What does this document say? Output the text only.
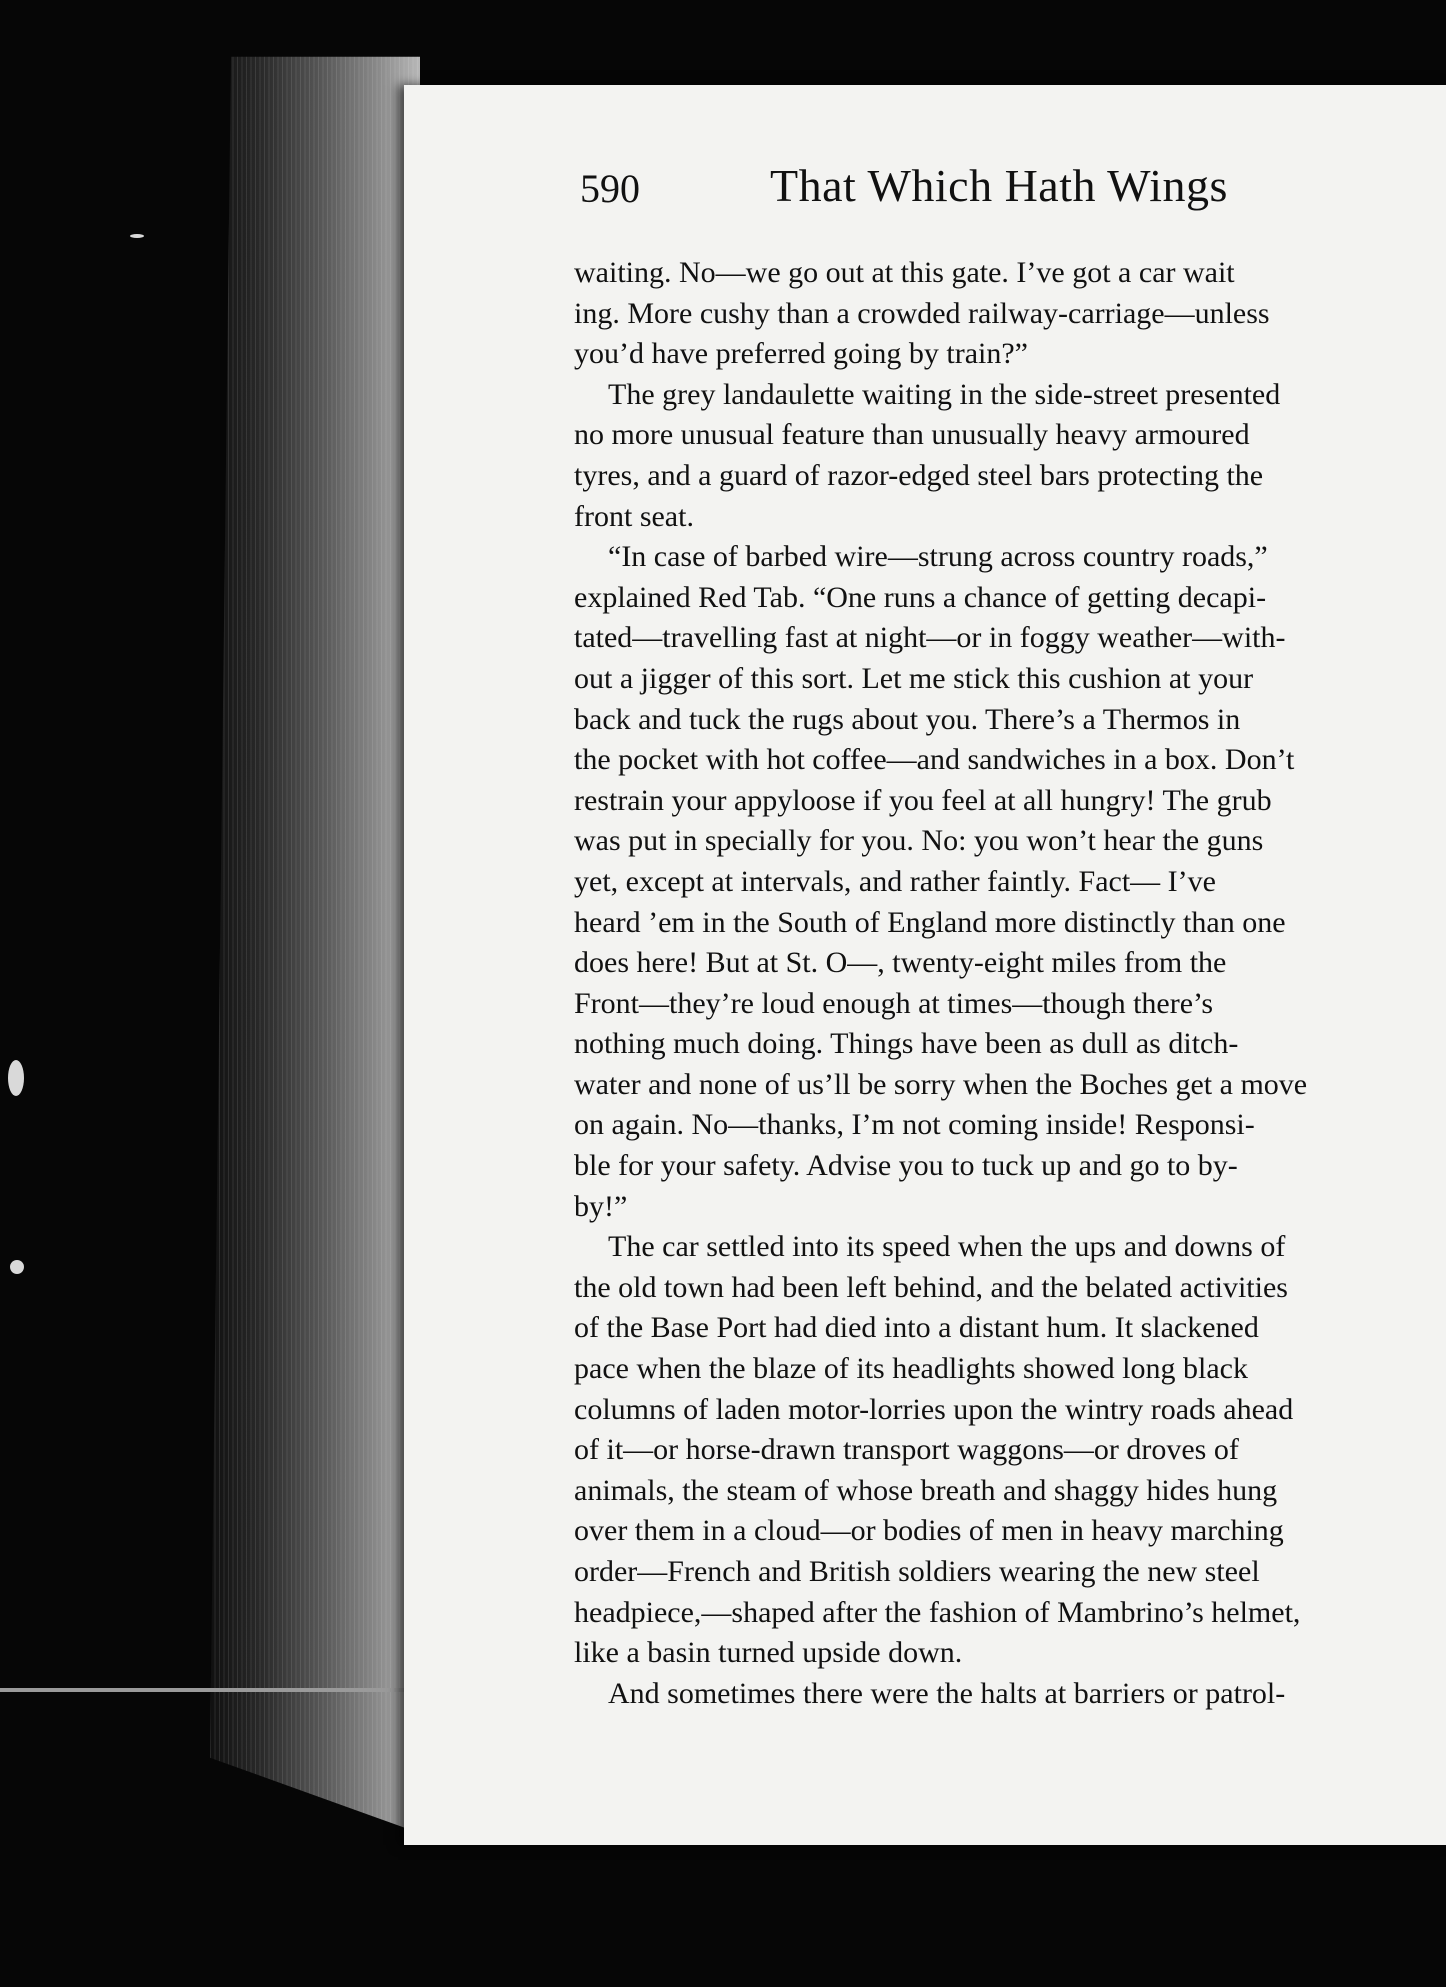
590	That Which Hath Wings
waiting. No—we go out at this gate. I’ve got a car wait
ing. More cushy than a crowded railway-carriage—unless
you’d have preferred going by train?”
The grey landaulette waiting in the side-street presented
no more unusual feature than unusually heavy armoured
tyres, and a guard of razor-edged steel bars protecting the
front seat.
“In case of barbed wire—strung across country roads,”
explained Red Tab. “One runs a chance of getting decapi-
tated—travelling fast at night—or in foggy weather—with-
out a jigger of this sort. Let me stick this cushion at your
back and tuck the rugs about you. There’s a Thermos in
the pocket with hot coffee—and sandwiches in a box. Don’t
restrain your appyloose if you feel at all hungry! The grub
was put in specially for you. No: you won’t hear the guns
yet, except at intervals, and rather faintly. Fact— I’ve
heard ’em in the South of England more distinctly than one
does here! But at St. O—, twenty-eight miles from the
Front—they’re loud enough at times—though there’s
nothing much doing. Things have been as dull as ditch-
water and none of us’ll be sorry when the Boches get a move
on again. No—thanks, I’m not coming inside! Responsi-
ble for your safety. Advise you to tuck up and go to by-
by!”
The car settled into its speed when the ups and downs of
the old town had been left behind, and the belated activities
of the Base Port had died into a distant hum. It slackened
pace when the blaze of its headlights showed long black
columns of laden motor-lorries upon the wintry roads ahead
of it—or horse-drawn transport waggons—or droves of
animals, the steam of whose breath and shaggy hides hung
over them in a cloud—or bodies of men in heavy marching
order—French and British soldiers wearing the new steel
headpiece,—shaped after the fashion of Mambrino’s helmet,
like a basin turned upside down.
And sometimes there were the halts at barriers or patrol-
